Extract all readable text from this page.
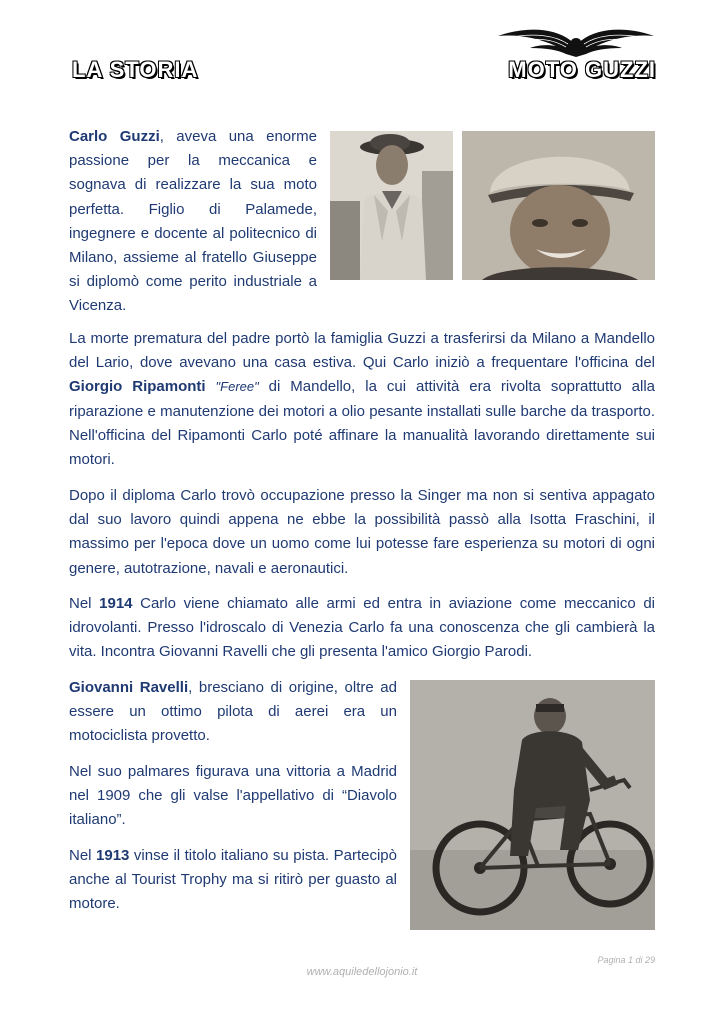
LA STORIA	MOTO GUZZI

Carlo Guzzi, aveva una enorme passione per la meccanica e sognava di realizzare la sua moto perfetta. Figlio di Palamede, ingegnere e docente al politecnico di Milano, assieme al fratello Giuseppe si diplomò come perito industriale a Vicenza.

La morte prematura del padre portò la famiglia Guzzi a trasferirsi da Milano a Mandello del Lario, dove avevano una casa estiva. Qui Carlo iniziò a frequentare l'officina del Giorgio Ripamonti "Feree" di Mandello, la cui attività era rivolta soprattutto alla riparazione e manutenzione dei motori a olio pesante installati sulle barche da trasporto. Nell'officina del Ripamonti Carlo poté affinare la manualità lavorando direttamente sui motori.

Dopo il diploma Carlo trovò occupazione presso la Singer ma non si sentiva appagato dal suo lavoro quindi appena ne ebbe la possibilità passò alla Isotta Fraschini, il massimo per l'epoca dove un uomo come lui potesse fare esperienza su motori di ogni genere, autotrazione, navali e aeronautici.

Nel 1914 Carlo viene chiamato alle armi ed entra in aviazione come meccanico di idrovolanti. Presso l'idroscalo di Venezia Carlo fa una conoscenza che gli cambierà la vita. Incontra Giovanni Ravelli che gli presenta l'amico Giorgio Parodi.

Giovanni Ravelli, bresciano di origine, oltre ad essere un ottimo pilota di aerei era un motociclista provetto.

Nel suo palmares figurava una vittoria a Madrid nel 1909 che gli valse l'appellativo di “Diavolo italiano”.

Nel 1913 vinse il titolo italiano su pista. Partecipò anche al Tourist Trophy ma si ritirò per guasto al motore.

Pagina 1 di 29

www.aquiledellojonio.it
